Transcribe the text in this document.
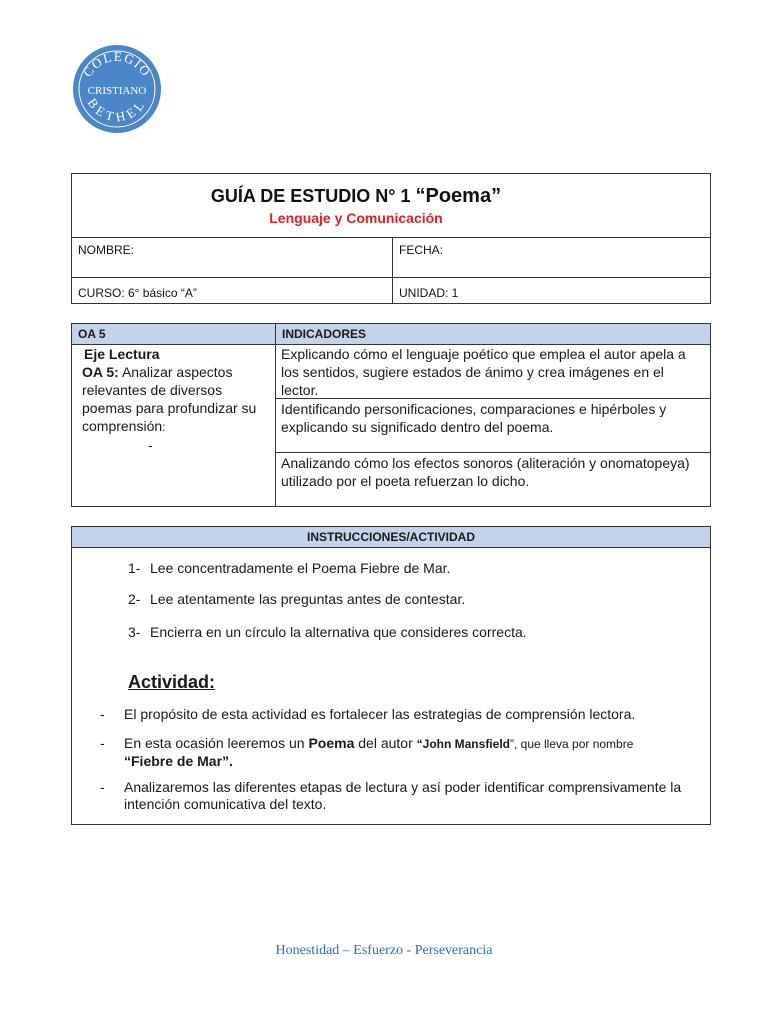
COLEGIO
CRISTIANO
BETHEL
GUÍA DE ESTUDIO N° 1 “Poema”
Lenguaje y Comunicación
NOMBRE:	FECHA:
CURSO: 6° básico “A”	UNIDAD: 1
OA 5	INDICADORES
Eje Lectura
OA 5: Analizar aspectos relevantes de diversos poemas para profundizar su comprensión:
-
Explicando cómo el lenguaje poético que emplea el autor apela a los sentidos, sugiere estados de ánimo y crea imágenes en el lector.
Identificando personificaciones, comparaciones e hipérboles y explicando su significado dentro del poema.
Analizando cómo los efectos sonoros (aliteración y onomatopeya) utilizado por el poeta refuerzan lo dicho.
INSTRUCCIONES/ACTIVIDAD
1- Lee concentradamente el Poema Fiebre de Mar.
2- Lee atentamente las preguntas antes de contestar.
3- Encierra en un círculo la alternativa que consideres correcta.
Actividad:
- El propósito de esta actividad es fortalecer las estrategias de comprensión lectora.
- En esta ocasión leeremos un Poema del autor “John Mansfield”, que lleva por nombre
“Fiebre de Mar”.
- Analizaremos las diferentes etapas de lectura y así poder identificar comprensivamente la intención comunicativa del texto.
Honestidad – Esfuerzo - Perseverancia
